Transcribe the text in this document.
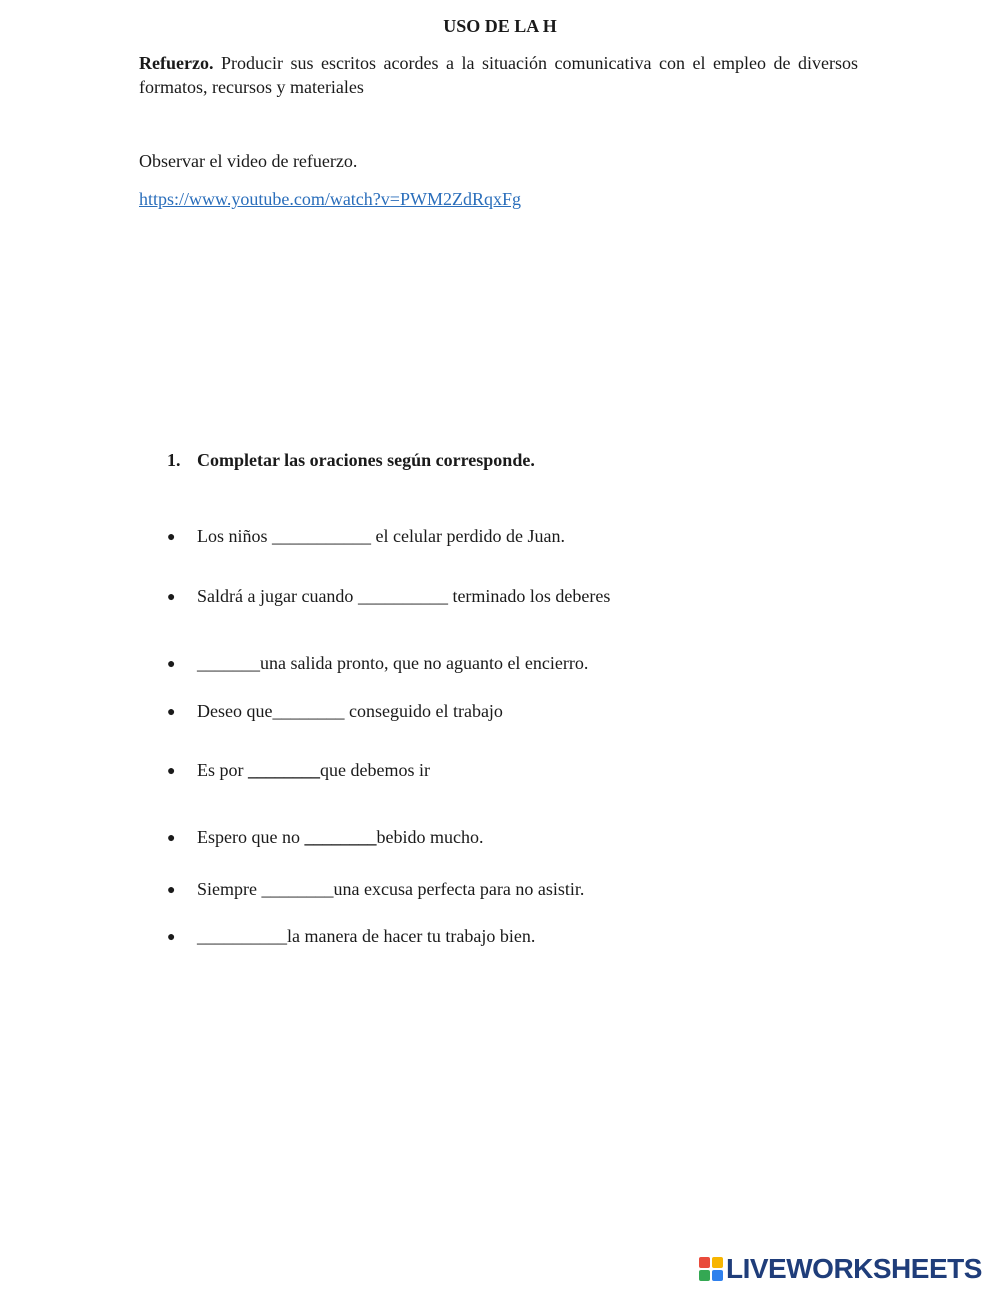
USO DE LA H
Refuerzo. Producir sus escritos acordes a la situación comunicativa con el empleo de diversos formatos, recursos y materiales
Observar el video de refuerzo.
https://www.youtube.com/watch?v=PWM2ZdRqxFg
1. Completar las oraciones según corresponde.
● Los niños ___________ el celular perdido de Juan.
● Saldrá a jugar cuando __________ terminado los deberes
● _______una salida pronto, que no aguanto el encierro.
● Deseo que________ conseguido el trabajo
● Es por ________que debemos ir
● Espero que no ________bebido mucho.
● Siempre ________una excusa perfecta para no asistir.
● __________la manera de hacer tu trabajo bien.
LIVEWORKSHEETS
